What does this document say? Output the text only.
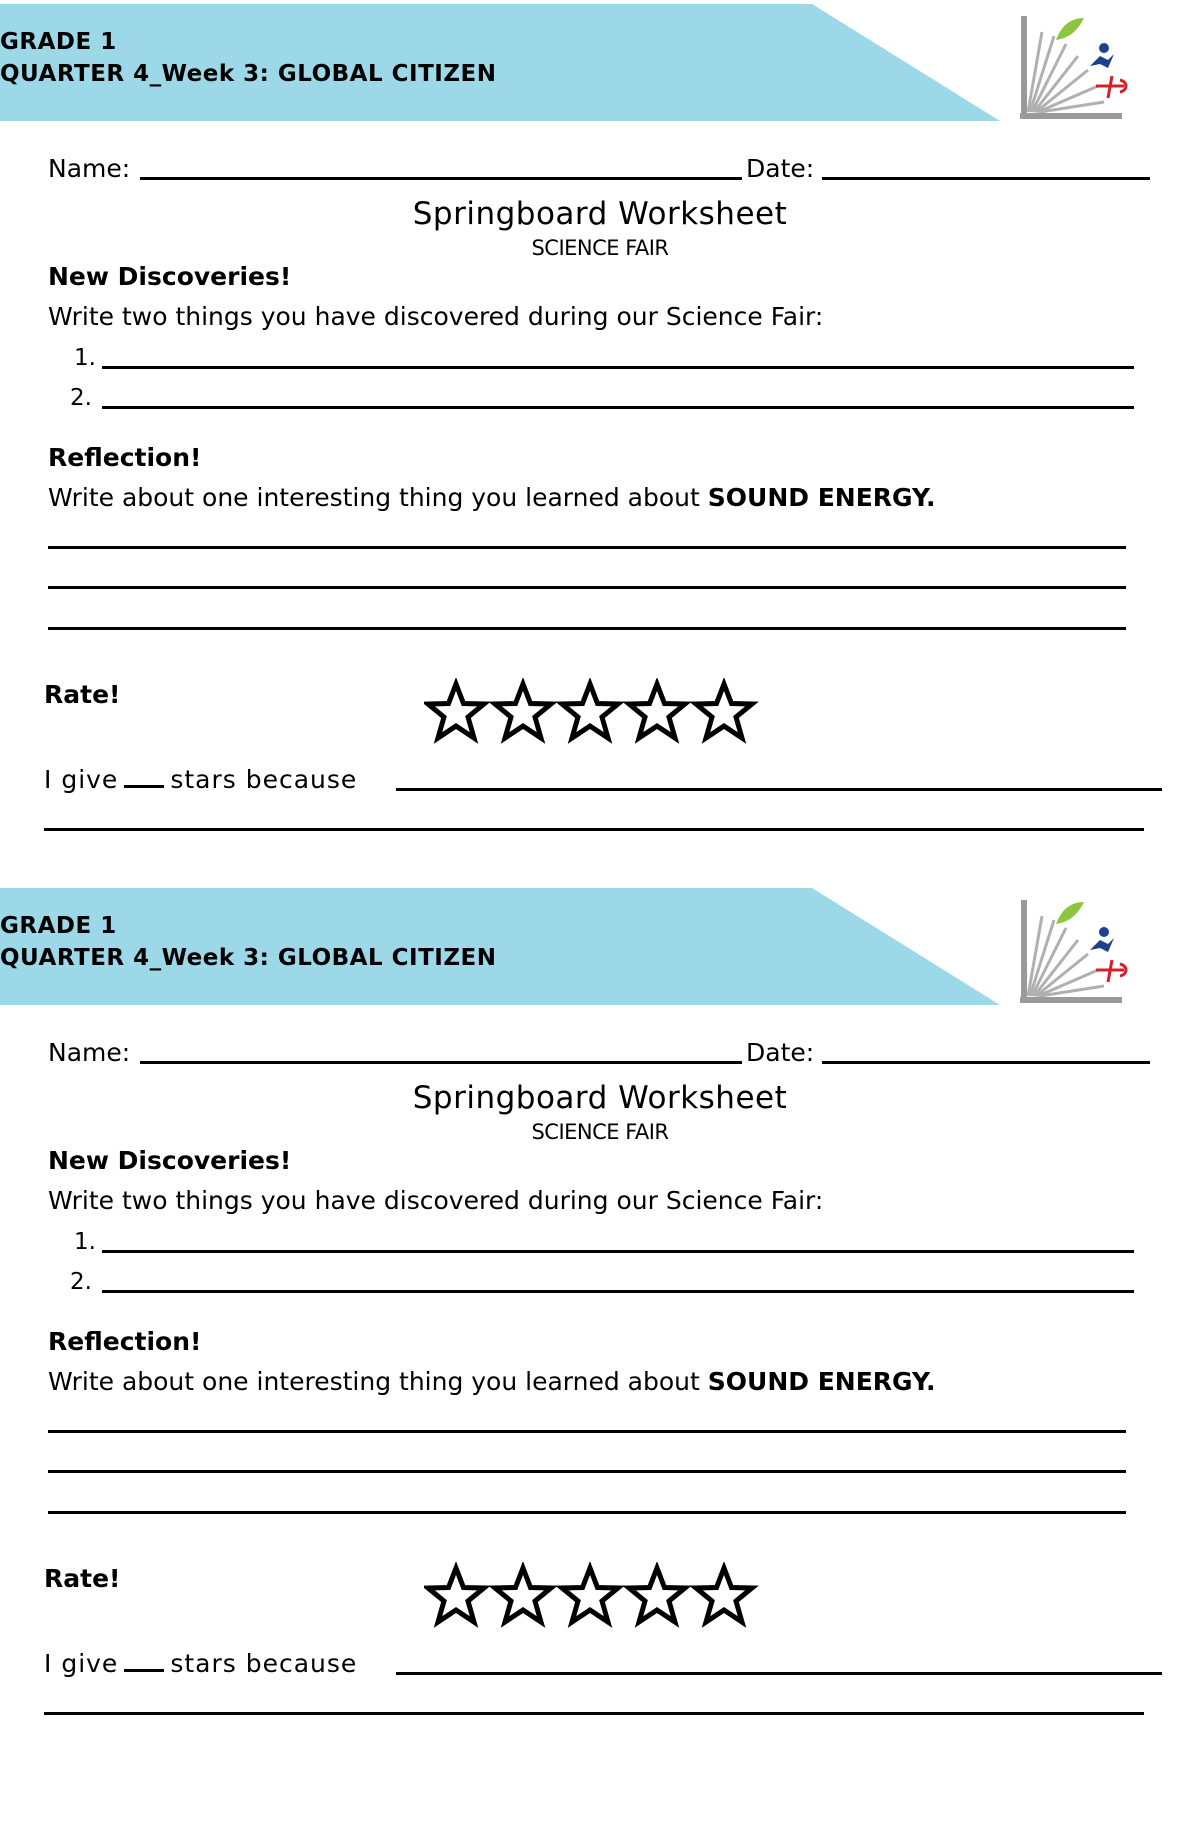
GRADE 1
QUARTER 4_Week 3: GLOBAL CITIZEN
Name:	Date:
Springboard Worksheet
SCIENCE FAIR
New Discoveries!
Write two things you have discovered during our Science Fair:
1.
2.
Reflection!
Write about one interesting thing you learned about SOUND ENERGY.
Rate!
I give stars because
GRADE 1
QUARTER 4_Week 3: GLOBAL CITIZEN
Name:	Date:
Springboard Worksheet
SCIENCE FAIR
New Discoveries!
Write two things you have discovered during our Science Fair:
1.
2.
Reflection!
Write about one interesting thing you learned about SOUND ENERGY.
Rate!
I give stars because
